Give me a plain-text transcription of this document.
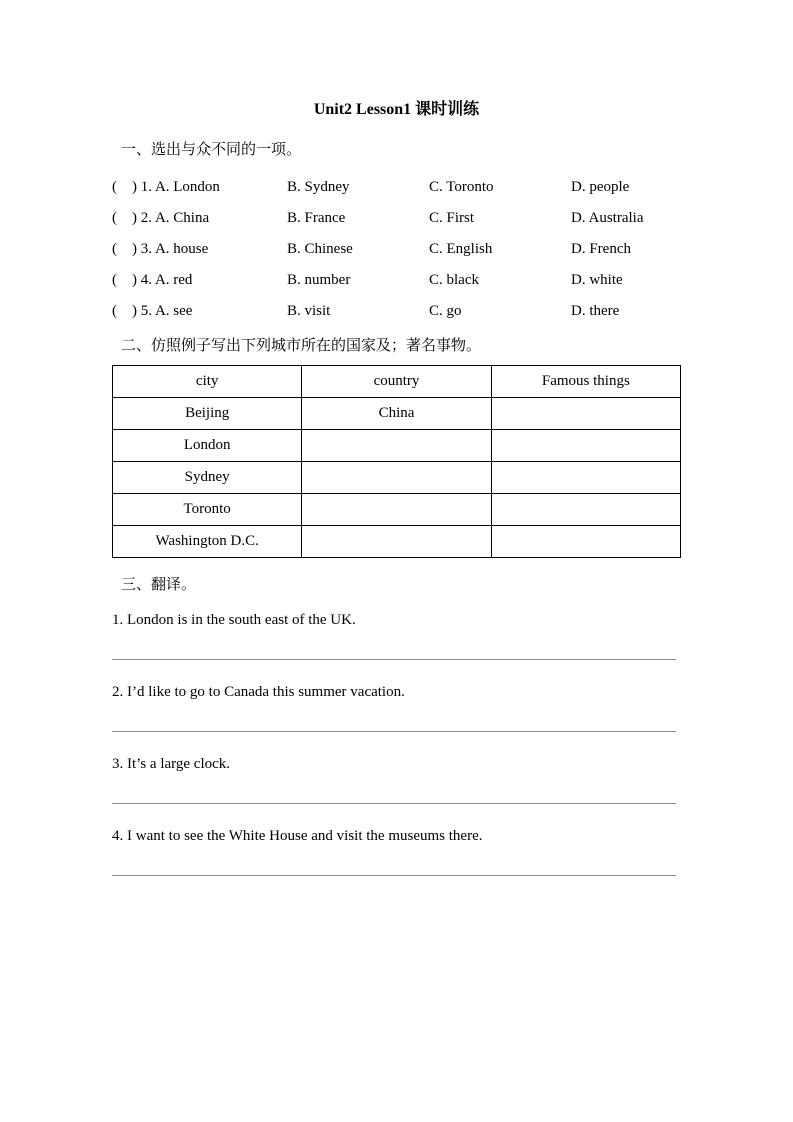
Unit2 Lesson1 课时训练
一、选出与众不同的一项。
(    ) 1. A. London	B. Sydney	C. Toronto	D. people
(    ) 2. A. China	B. France	C. First	D. Australia
(    ) 3. A. house	B. Chinese	C. English	D. French
(    ) 4. A. red	B. number	C. black	D. white
(    ) 5. A. see	B. visit	C. go	D. there
二、仿照例子写出下列城市所在的国家及；著名事物。
city	country	Famous things
Beijing	China	
London		
Sydney		
Toronto		
Washington D.C.		
三、翻译。
1. London is in the south east of the UK.
2. I’d like to go to Canada this summer vacation.
3. It’s a large clock.
4. I want to see the White House and visit the museums there.
